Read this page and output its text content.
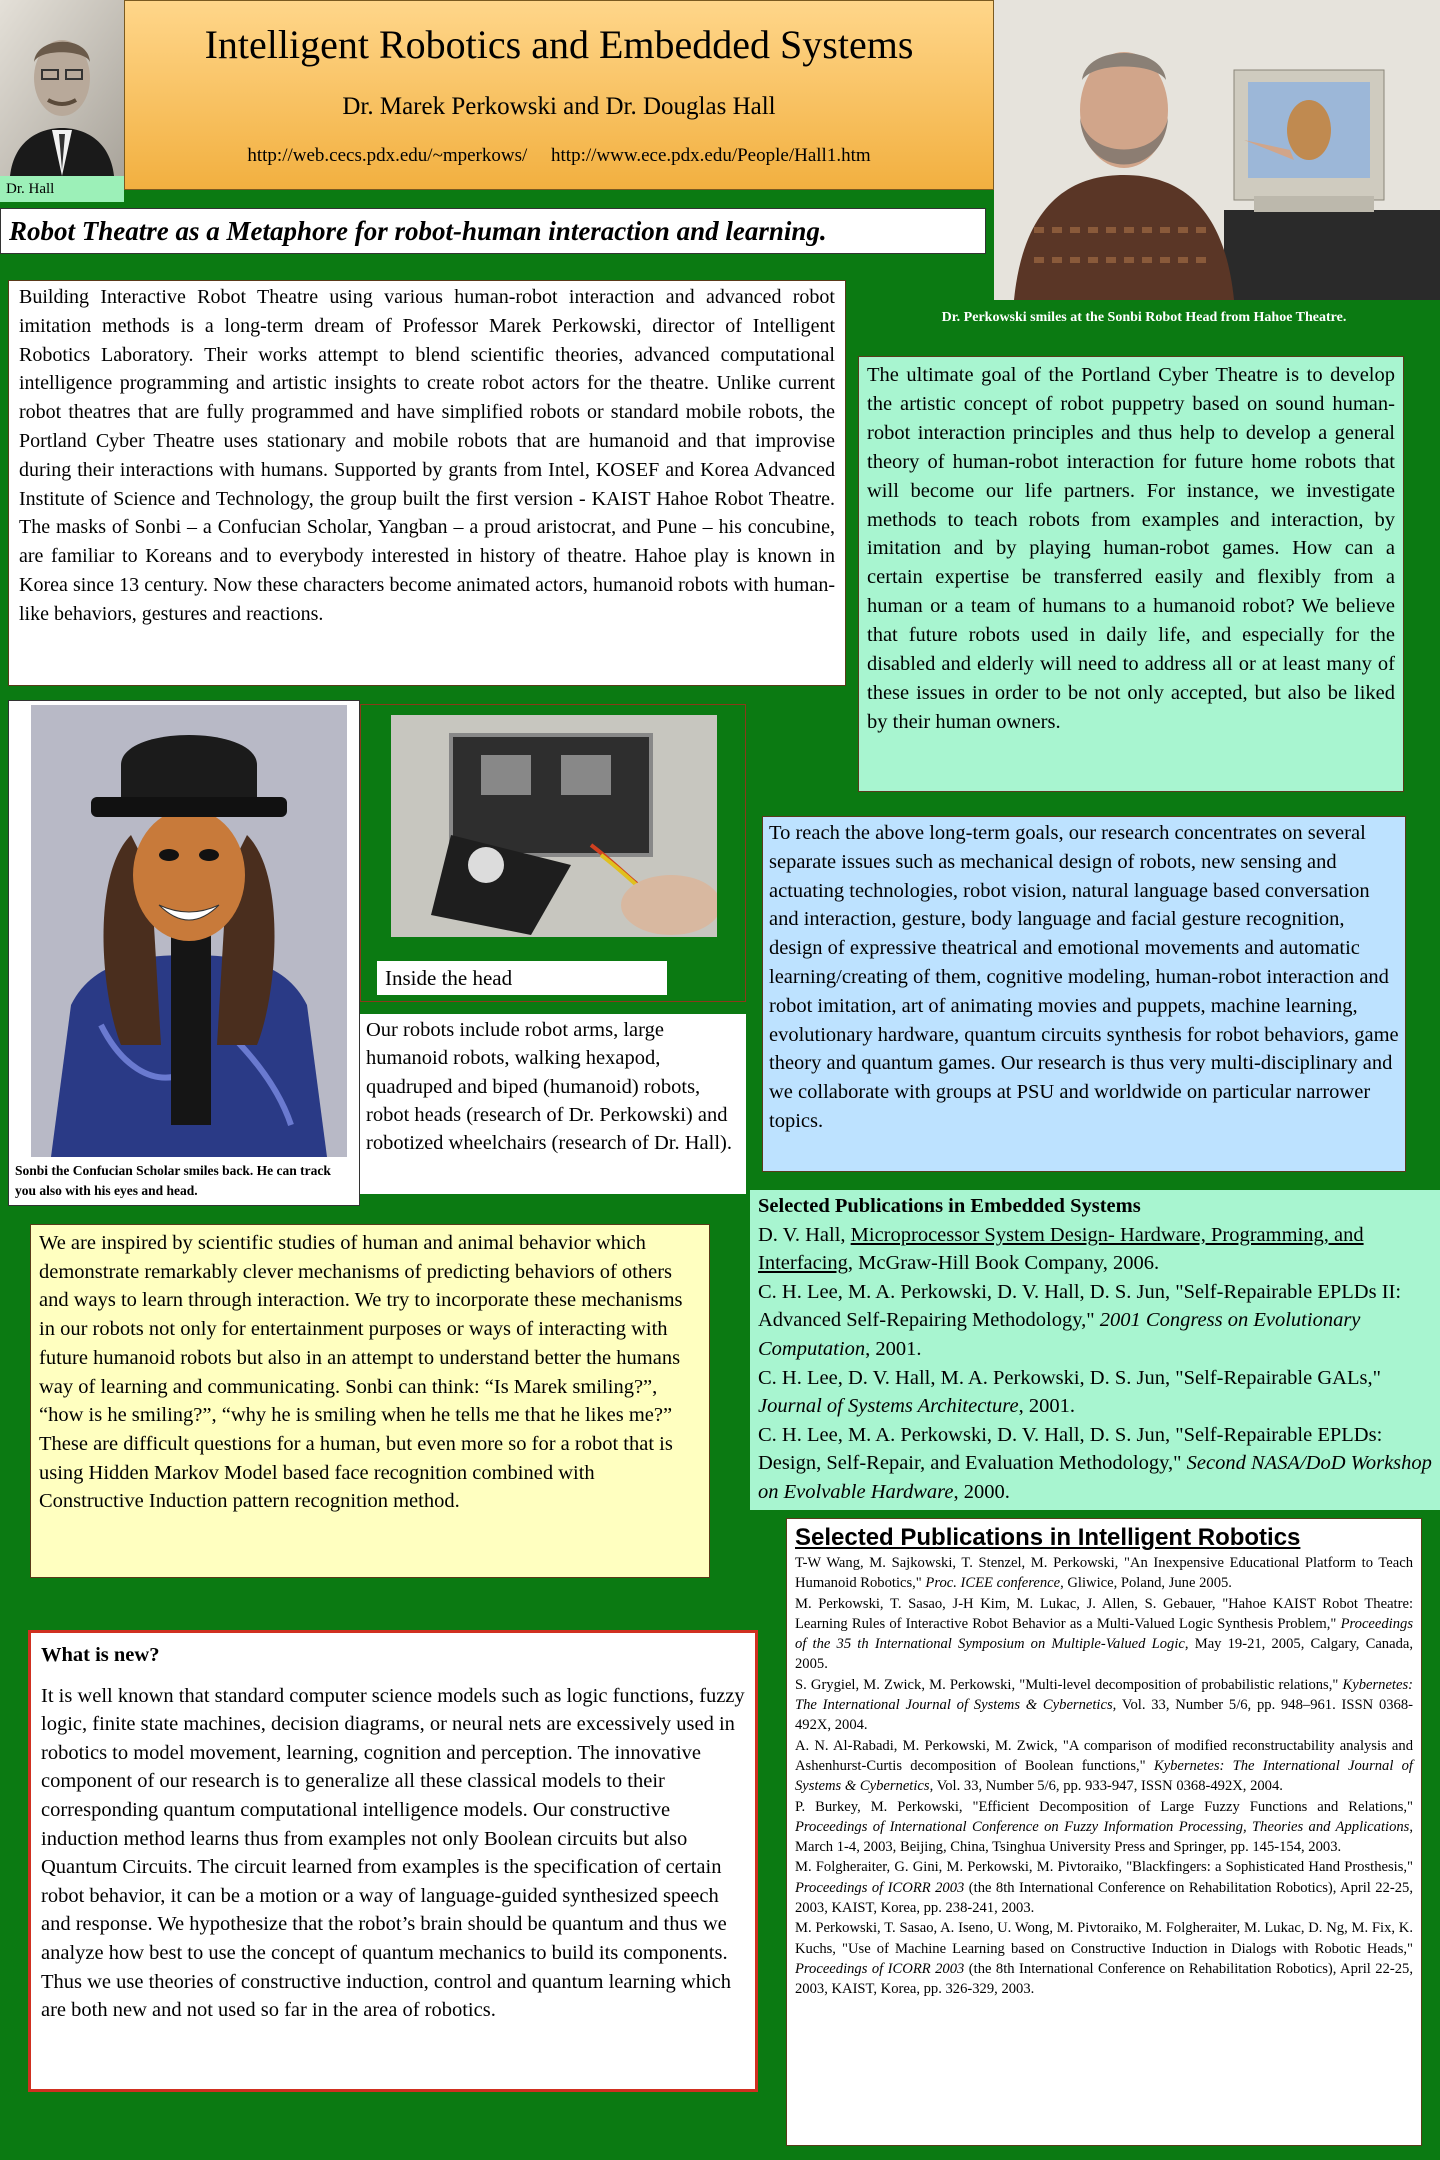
Dr. Hall
Intelligent Robotics and Embedded Systems
Dr. Marek Perkowski and Dr. Douglas Hall
http://web.cecs.pdx.edu/~mperkows/ http://www.ece.pdx.edu/People/Hall1.htm
Dr. Perkowski smiles at the Sonbi Robot Head from Hahoe Theatre.
Robot Theatre as a Metaphore for robot-human interaction and learning.

Building Interactive Robot Theatre using various human-robot interaction and advanced robot imitation methods is a long-term dream of Professor Marek Perkowski, director of Intelligent Robotics Laboratory. Their works attempt to blend scientific theories, advanced computational intelligence programming and artistic insights to create robot actors for the theatre. Unlike current robot theatres that are fully programmed and have simplified robots or standard mobile robots, the Portland Cyber Theatre uses stationary and mobile robots that are humanoid and that improvise during their interactions with humans. Supported by grants from Intel, KOSEF and Korea Advanced Institute of Science and Technology, the group built the first version - KAIST Hahoe Robot Theatre. The masks of Sonbi – a Confucian Scholar, Yangban – a proud aristocrat, and Pune – his concubine, are familiar to Koreans and to everybody interested in history of theatre. Hahoe play is known in Korea since 13 century. Now these characters become animated actors, humanoid robots with human-like behaviors, gestures and reactions.

The ultimate goal of the Portland Cyber Theatre is to develop the artistic concept of robot puppetry based on sound human-robot interaction principles and thus help to develop a general theory of human-robot interaction for future home robots that will become our life partners. For instance, we investigate methods to teach robots from examples and interaction, by imitation and by playing human-robot games. How can a certain expertise be transferred easily and flexibly from a human or a team of humans to a humanoid robot? We believe that future robots used in daily life, and especially for the disabled and elderly will need to address all or at least many of these issues in order to be not only accepted, but also be liked by their human owners.

Sonbi the Confucian Scholar smiles back. He can track you also with his eyes and head.
Inside the head

Our robots include robot arms, large humanoid robots, walking hexapod, quadruped and biped (humanoid) robots, robot heads (research of Dr. Perkowski) and robotized wheelchairs (research of Dr. Hall).

To reach the above long-term goals, our research concentrates on several separate issues such as mechanical design of robots, new sensing and actuating technologies, robot vision, natural language based conversation and interaction, gesture, body language and facial gesture recognition, design of expressive theatrical and emotional movements and automatic learning/creating of them, cognitive modeling, human-robot interaction and robot imitation, art of animating movies and puppets, machine learning, evolutionary hardware, quantum circuits synthesis for robot behaviors, game theory and quantum games. Our research is thus very multi-disciplinary and we collaborate with groups at PSU and worldwide on particular narrower topics.

Selected Publications in Embedded Systems

D. V. Hall, Microprocessor System Design- Hardware, Programming, and Interfacing, McGraw-Hill Book Company, 2006.

C. H. Lee, M. A. Perkowski, D. V. Hall, D. S. Jun, "Self-Repairable EPLDs II: Advanced Self-Repairing Methodology," 2001 Congress on Evolutionary Computation, 2001.

C. H. Lee, D. V. Hall, M. A. Perkowski, D. S. Jun, "Self-Repairable GALs," Journal of Systems Architecture, 2001.

C. H. Lee, M. A. Perkowski, D. V. Hall, D. S. Jun, "Self-Repairable EPLDs: Design, Self-Repair, and Evaluation Methodology," Second NASA/DoD Workshop on Evolvable Hardware, 2000.

We are inspired by scientific studies of human and animal behavior which demonstrate remarkably clever mechanisms of predicting behaviors of others and ways to learn through interaction. We try to incorporate these mechanisms in our robots not only for entertainment purposes or ways of interacting with future humanoid robots but also in an attempt to understand better the humans way of learning and communicating. Sonbi can think: “Is Marek smiling?”, “how is he smiling?”, “why he is smiling when he tells me that he likes me?” These are difficult questions for a human, but even more so for a robot that is using Hidden Markov Model based face recognition combined with Constructive Induction pattern recognition method.

What is new?

It is well known that standard computer science models such as logic functions, fuzzy logic, finite state machines, decision diagrams, or neural nets are excessively used in robotics to model movement, learning, cognition and perception. The innovative component of our research is to generalize all these classical models to their corresponding quantum computational intelligence models. Our constructive induction method learns thus from examples not only Boolean circuits but also Quantum Circuits. The circuit learned from examples is the specification of certain robot behavior, it can be a motion or a way of language-guided synthesized speech and response. We hypothesize that the robot’s brain should be quantum and thus we analyze how best to use the concept of quantum mechanics to build its components. Thus we use theories of constructive induction, control and quantum learning which are both new and not used so far in the area of robotics.

Selected Publications in Intelligent Robotics

T-W Wang, M. Sajkowski, T. Stenzel, M. Perkowski, "An Inexpensive Educational Platform to Teach Humanoid Robotics," Proc. ICEE conference, Gliwice, Poland, June 2005.

M. Perkowski, T. Sasao, J-H Kim, M. Lukac, J. Allen, S. Gebauer, "Hahoe KAIST Robot Theatre: Learning Rules of Interactive Robot Behavior as a Multi-Valued Logic Synthesis Problem," Proceedings of the 35 th International Symposium on Multiple-Valued Logic, May 19-21, 2005, Calgary, Canada, 2005.

S. Grygiel, M. Zwick, M. Perkowski, "Multi-level decomposition of probabilistic relations," Kybernetes: The International Journal of Systems & Cybernetics, Vol. 33, Number 5/6, pp. 948–961. ISSN 0368-492X, 2004.

A. N. Al-Rabadi, M. Perkowski, M. Zwick, "A comparison of modified reconstructability analysis and Ashenhurst-Curtis decomposition of Boolean functions," Kybernetes: The International Journal of Systems & Cybernetics, Vol. 33, Number 5/6, pp. 933-947, ISSN 0368-492X, 2004.

P. Burkey, M. Perkowski, "Efficient Decomposition of Large Fuzzy Functions and Relations," Proceedings of International Conference on Fuzzy Information Processing, Theories and Applications, March 1-4, 2003, Beijing, China, Tsinghua University Press and Springer, pp. 145-154, 2003.

M. Folgheraiter, G. Gini, M. Perkowski, M. Pivtoraiko, "Blackfingers: a Sophisticated Hand Prosthesis," Proceedings of ICORR 2003 (the 8th International Conference on Rehabilitation Robotics), April 22-25, 2003, KAIST, Korea, pp. 238-241, 2003.

M. Perkowski, T. Sasao, A. Iseno, U. Wong, M. Pivtoraiko, M. Folgheraiter, M. Lukac, D. Ng, M. Fix, K. Kuchs, "Use of Machine Learning based on Constructive Induction in Dialogs with Robotic Heads," Proceedings of ICORR 2003 (the 8th International Conference on Rehabilitation Robotics), April 22-25, 2003, KAIST, Korea, pp. 326-329, 2003.
